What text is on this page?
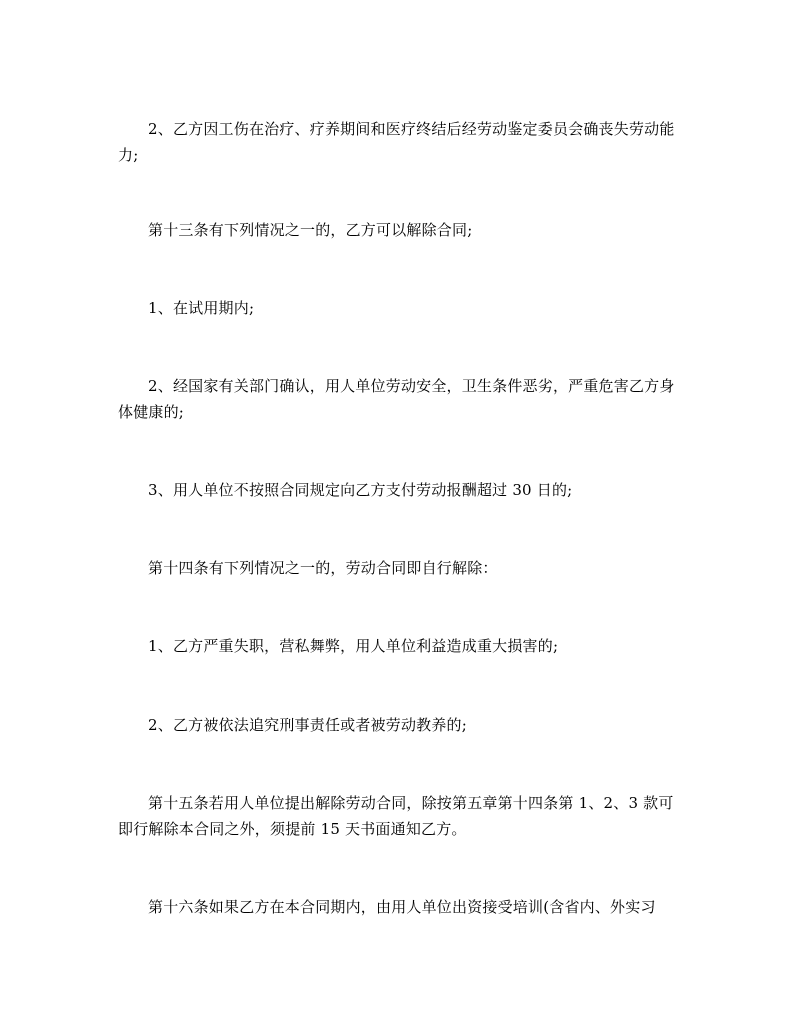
2、乙方因工伤在治疗、疗养期间和医疗终结后经劳动鉴定委员会确丧失劳动能力;

第十三条有下列情况之一的，乙方可以解除合同;

1、在试用期内;

2、经国家有关部门确认，用人单位劳动安全，卫生条件恶劣，严重危害乙方身体健康的;

3、用人单位不按照合同规定向乙方支付劳动报酬超过 30 日的;

第十四条有下列情况之一的，劳动合同即自行解除：

1、乙方严重失职，营私舞弊，用人单位利益造成重大损害的;

2、乙方被依法追究刑事责任或者被劳动教养的;

第十五条若用人单位提出解除劳动合同，除按第五章第十四条第 1、2、3 款可即行解除本合同之外，须提前 15 天书面通知乙方。

第十六条如果乙方在本合同期内，由用人单位出资接受培训(含省内、外实习
